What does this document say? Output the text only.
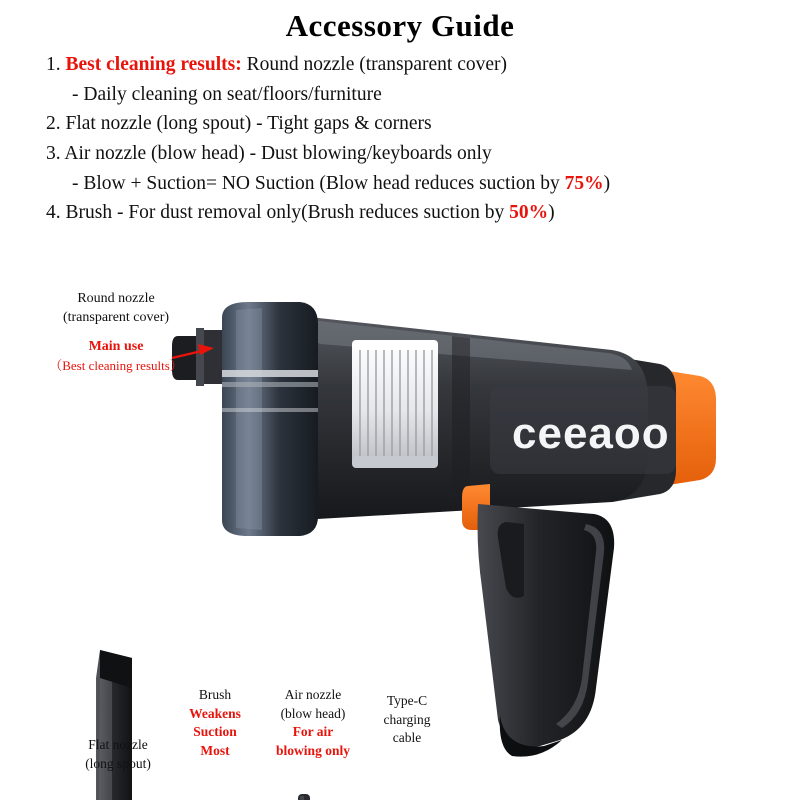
Accessory Guide
1. Best cleaning results: Round nozzle (transparent cover)
- Daily cleaning on seat/floors/furniture
2. Flat nozzle (long spout) - Tight gaps & corners
3. Air nozzle (blow head) - Dust blowing/keyboards only
- Blow + Suction= NO Suction (Blow head reduces suction by 75%)
4. Brush - For dust removal only(Brush reduces suction by 50%)
ceeaoo
Round nozzle
(transparent cover)
Main use
（Best cleaning results）
Flat nozzle
(long spout)
Brush
Weakens
Suction
Most
Air nozzle
(blow head)
For air
blowing only
Type-C
charging
cable
